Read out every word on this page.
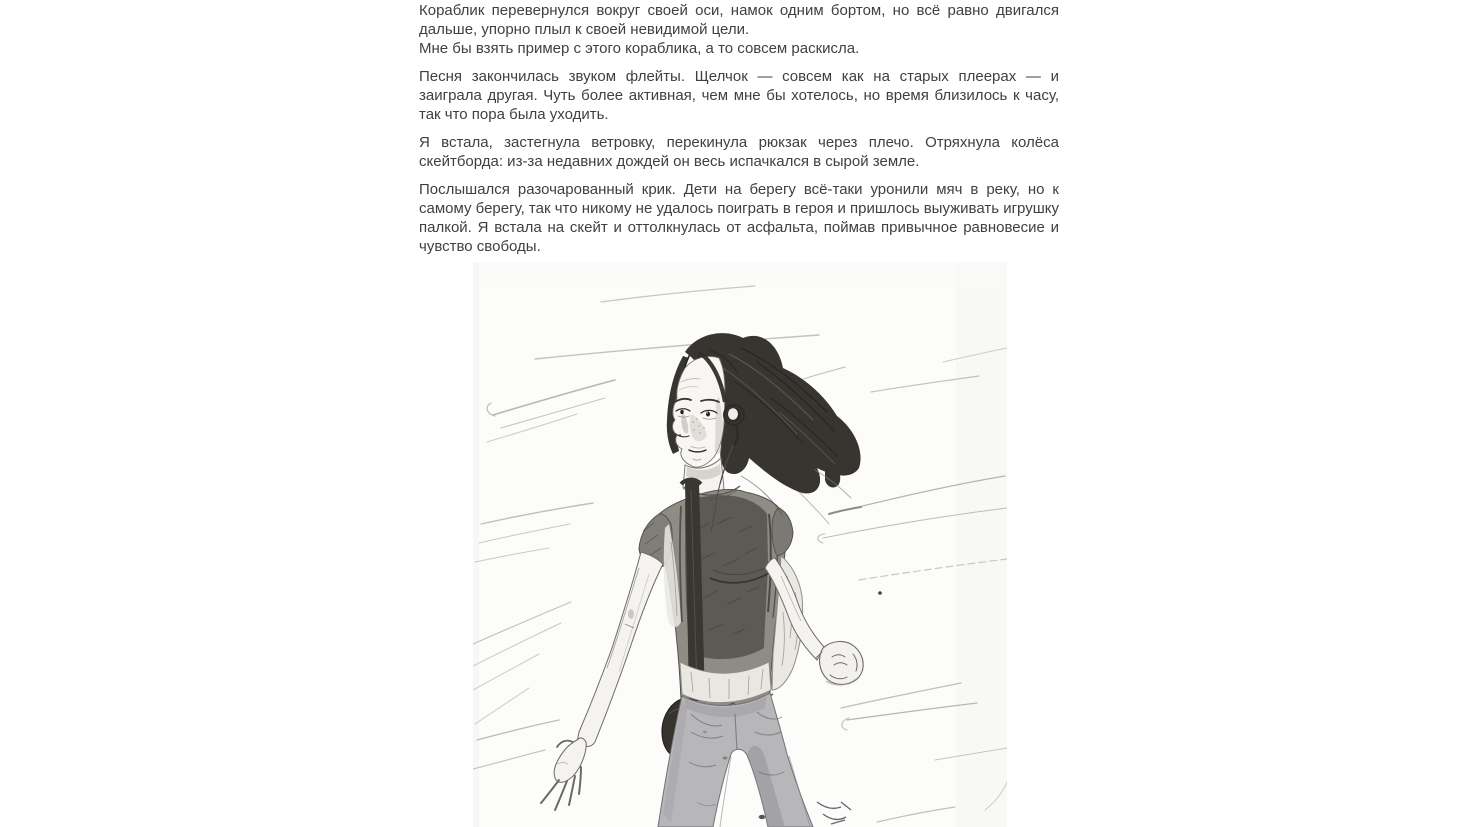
Кораблик перевернулся вокруг своей оси, намок одним бортом, но всё равно двигался дальше, упорно плыл к своей невидимой цели.

Мне бы взять пример с этого кораблика, а то совсем раскисла.

Песня закончилась звуком флейты. Щелчок — совсем как на старых плеерах — и заиграла другая. Чуть более активная, чем мне бы хотелось, но время близилось к часу, так что пора была уходить.

Я встала, застегнула ветровку, перекинула рюкзак через плечо. Отряхнула колёса скейтборда: из-за недавних дождей он весь испачкался в сырой земле.

Послышался разочарованный крик. Дети на берегу всё-таки уронили мяч в реку, но к самому берегу, так что никому не удалось поиграть в героя и пришлось выуживать игрушку палкой. Я встала на скейт и оттолкнулась от асфальта, поймав привычное равновесие и чувство свободы.
